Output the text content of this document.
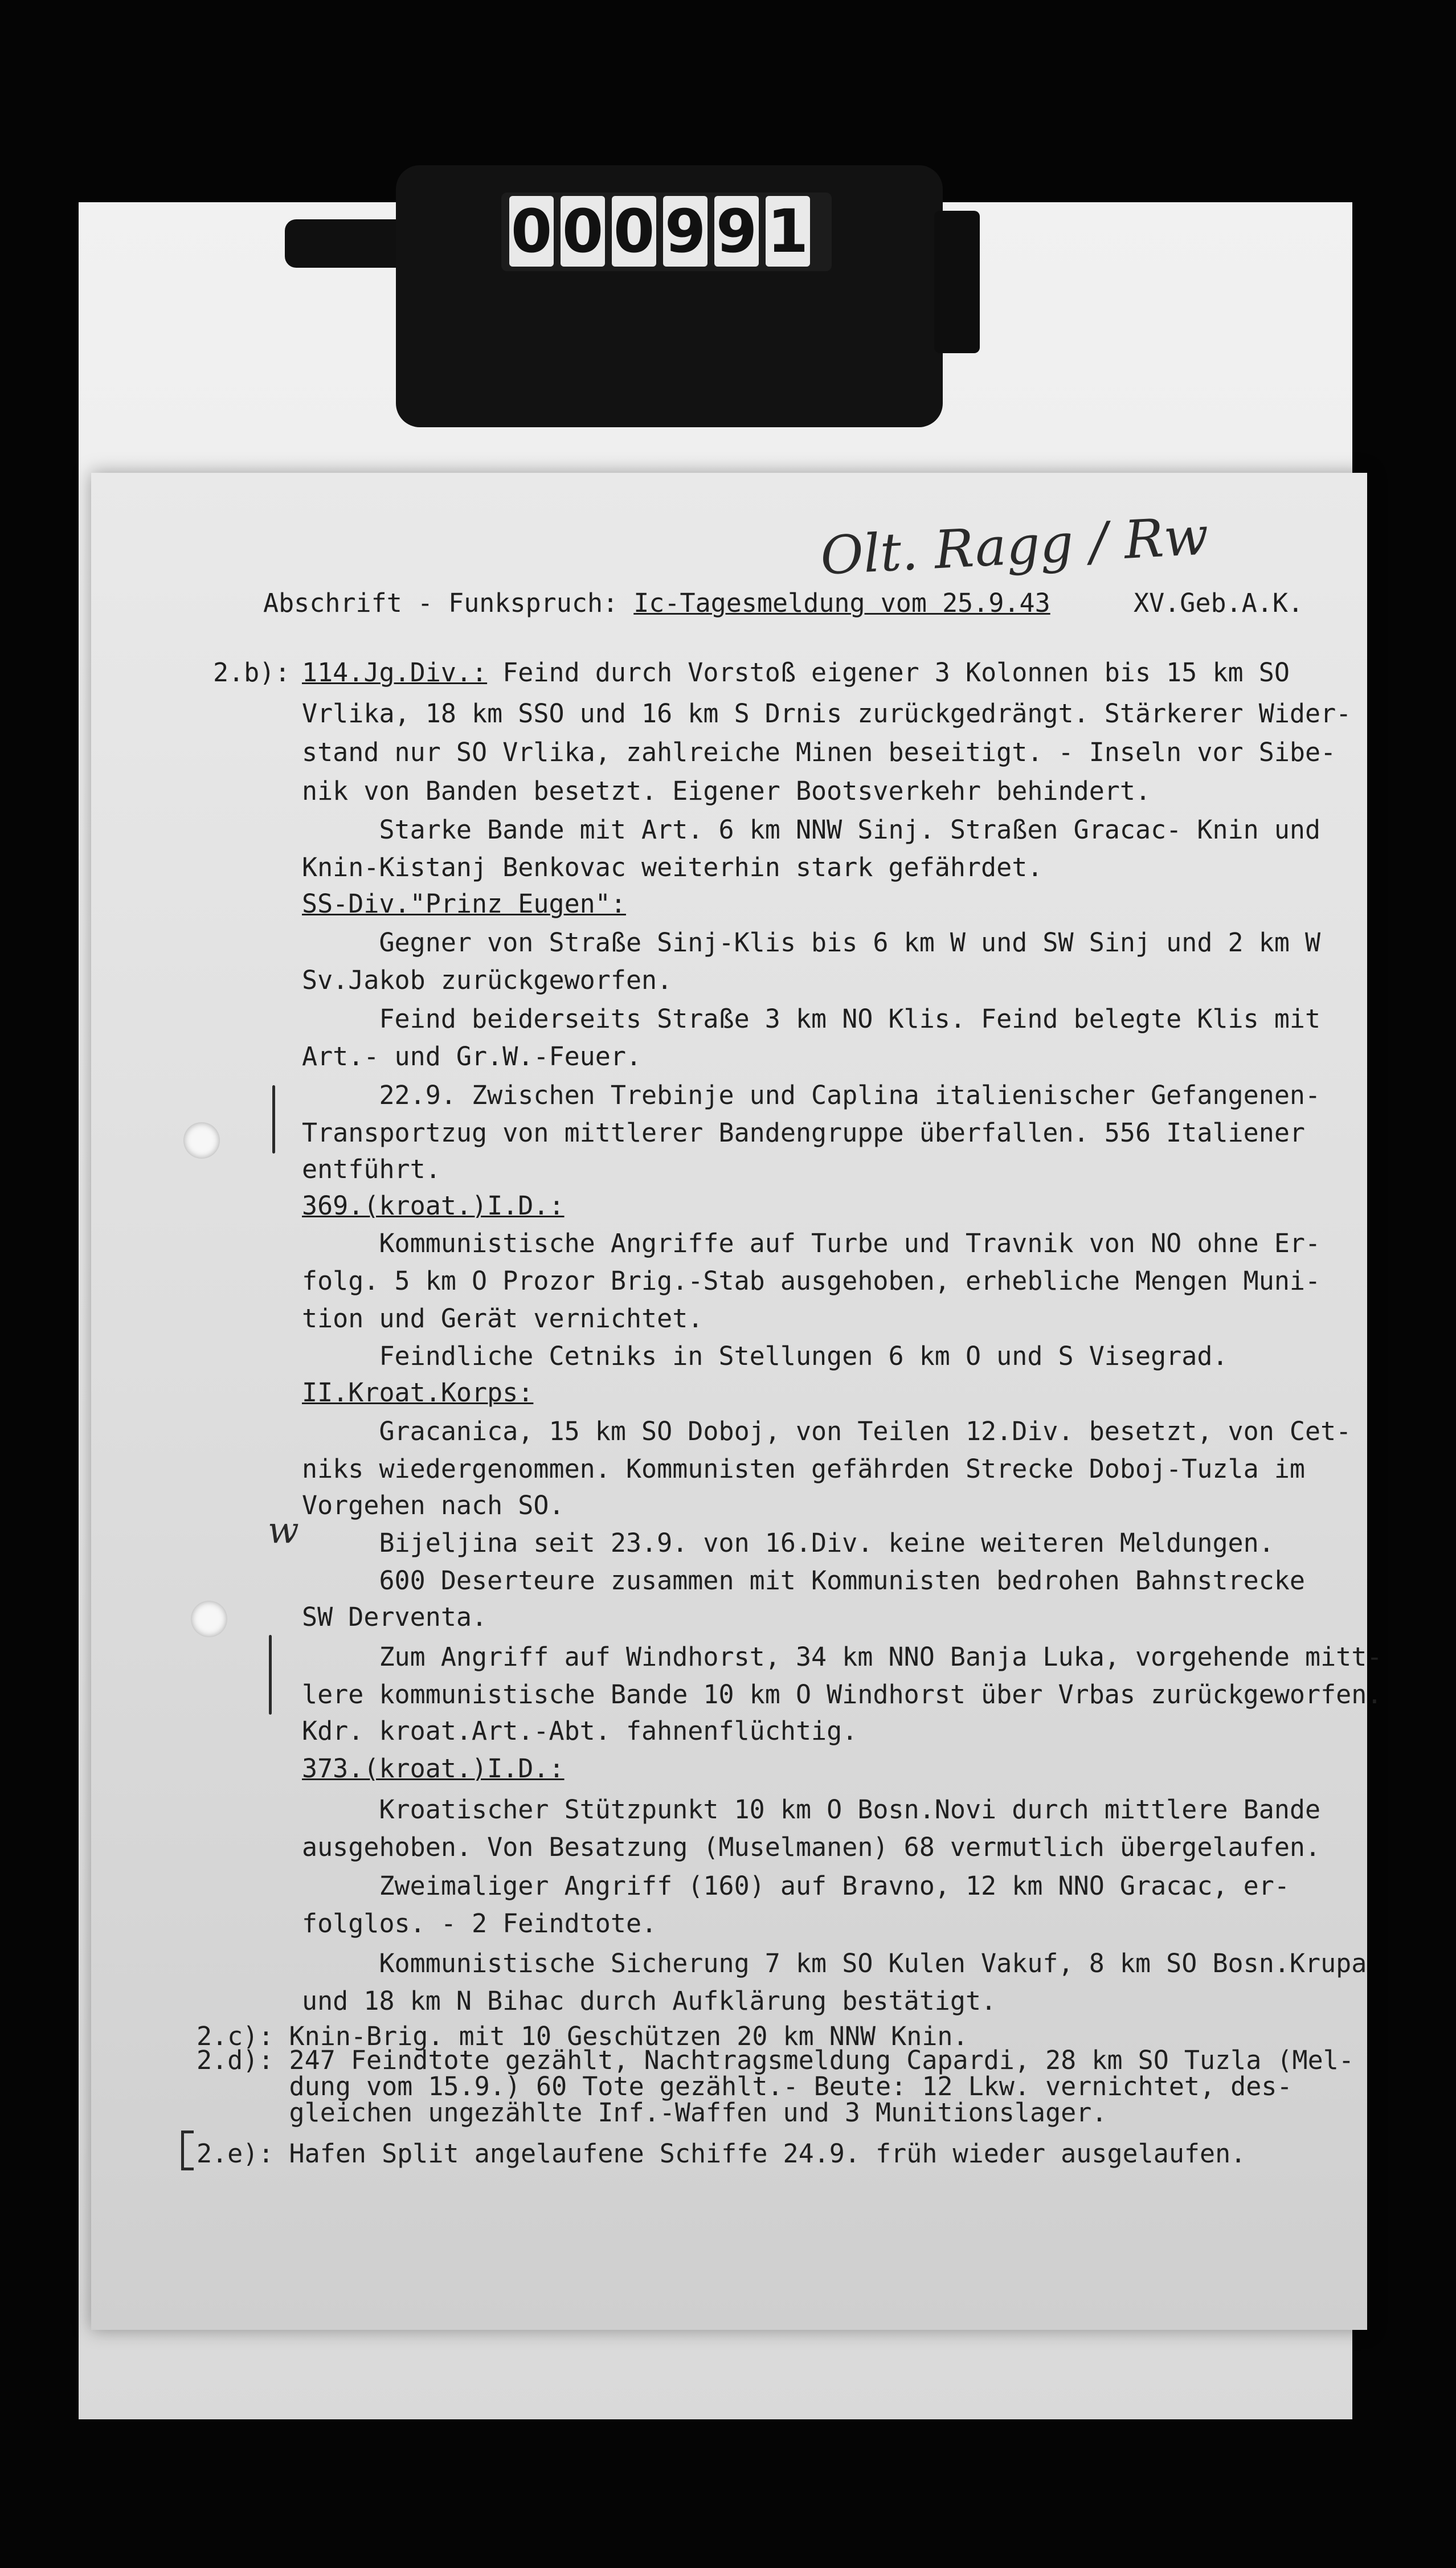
0 0 0 9 9 1
Olt. Ragg / Rw
Abschrift - Funkspruch: Ic-Tagesmeldung vom 25.9.43	XV.Geb.A.K.
2.b): 114.Jg.Div.: Feind durch Vorstoß eigener 3 Kolonnen bis 15 km SO
Vrlika, 18 km SSO und 16 km S Drnis zurückgedrängt. Stärkerer Wider-
stand nur SO Vrlika, zahlreiche Minen beseitigt. - Inseln vor Sibe-
nik von Banden besetzt. Eigener Bootsverkehr behindert.
Starke Bande mit Art. 6 km NNW Sinj. Straßen Gracac- Knin und
Knin-Kistanj Benkovac weiterhin stark gefährdet.
SS-Div."Prinz Eugen":
Gegner von Straße Sinj-Klis bis 6 km W und SW Sinj und 2 km W
Sv.Jakob zurückgeworfen.
Feind beiderseits Straße 3 km NO Klis. Feind belegte Klis mit
Art.- und Gr.W.-Feuer.
22.9. Zwischen Trebinje und Caplina italienischer Gefangenen-
Transportzug von mittlerer Bandengruppe überfallen. 556 Italiener
entführt.
369.(kroat.)I.D.:
Kommunistische Angriffe auf Turbe und Travnik von NO ohne Er-
folg. 5 km O Prozor Brig.-Stab ausgehoben, erhebliche Mengen Muni-
tion und Gerät vernichtet.
Feindliche Cetniks in Stellungen 6 km O und S Visegrad.
II.Kroat.Korps:
Gracanica, 15 km SO Doboj, von Teilen 12.Div. besetzt, von Cet-
niks wiedergenommen. Kommunisten gefährden Strecke Doboj-Tuzla im
Vorgehen nach SO.
Bijeljina seit 23.9. von 16.Div. keine weiteren Meldungen.
600 Deserteure zusammen mit Kommunisten bedrohen Bahnstrecke
SW Derventa.
Zum Angriff auf Windhorst, 34 km NNO Banja Luka, vorgehende mitt-
lere kommunistische Bande 10 km O Windhorst über Vrbas zurückgeworfen.
Kdr. kroat.Art.-Abt. fahnenflüchtig.
373.(kroat.)I.D.:
Kroatischer Stützpunkt 10 km O Bosn.Novi durch mittlere Bande
ausgehoben. Von Besatzung (Muselmanen) 68 vermutlich übergelaufen.
Zweimaliger Angriff (160) auf Bravno, 12 km NNO Gracac, er-
folglos. - 2 Feindtote.
Kommunistische Sicherung 7 km SO Kulen Vakuf, 8 km SO Bosn.Krupa
und 18 km N Bihac durch Aufklärung bestätigt.
2.c): Knin-Brig. mit 10 Geschützen 20 km NNW Knin.
2.d): 247 Feindtote gezählt, Nachtragsmeldung Capardi, 28 km SO Tuzla (Mel-
dung vom 15.9.) 60 Tote gezählt.- Beute: 12 Lkw. vernichtet, des-
gleichen ungezählte Inf.-Waffen und 3 Munitionslager.
2.e): Hafen Split angelaufene Schiffe 24.9. früh wieder ausgelaufen.
w
